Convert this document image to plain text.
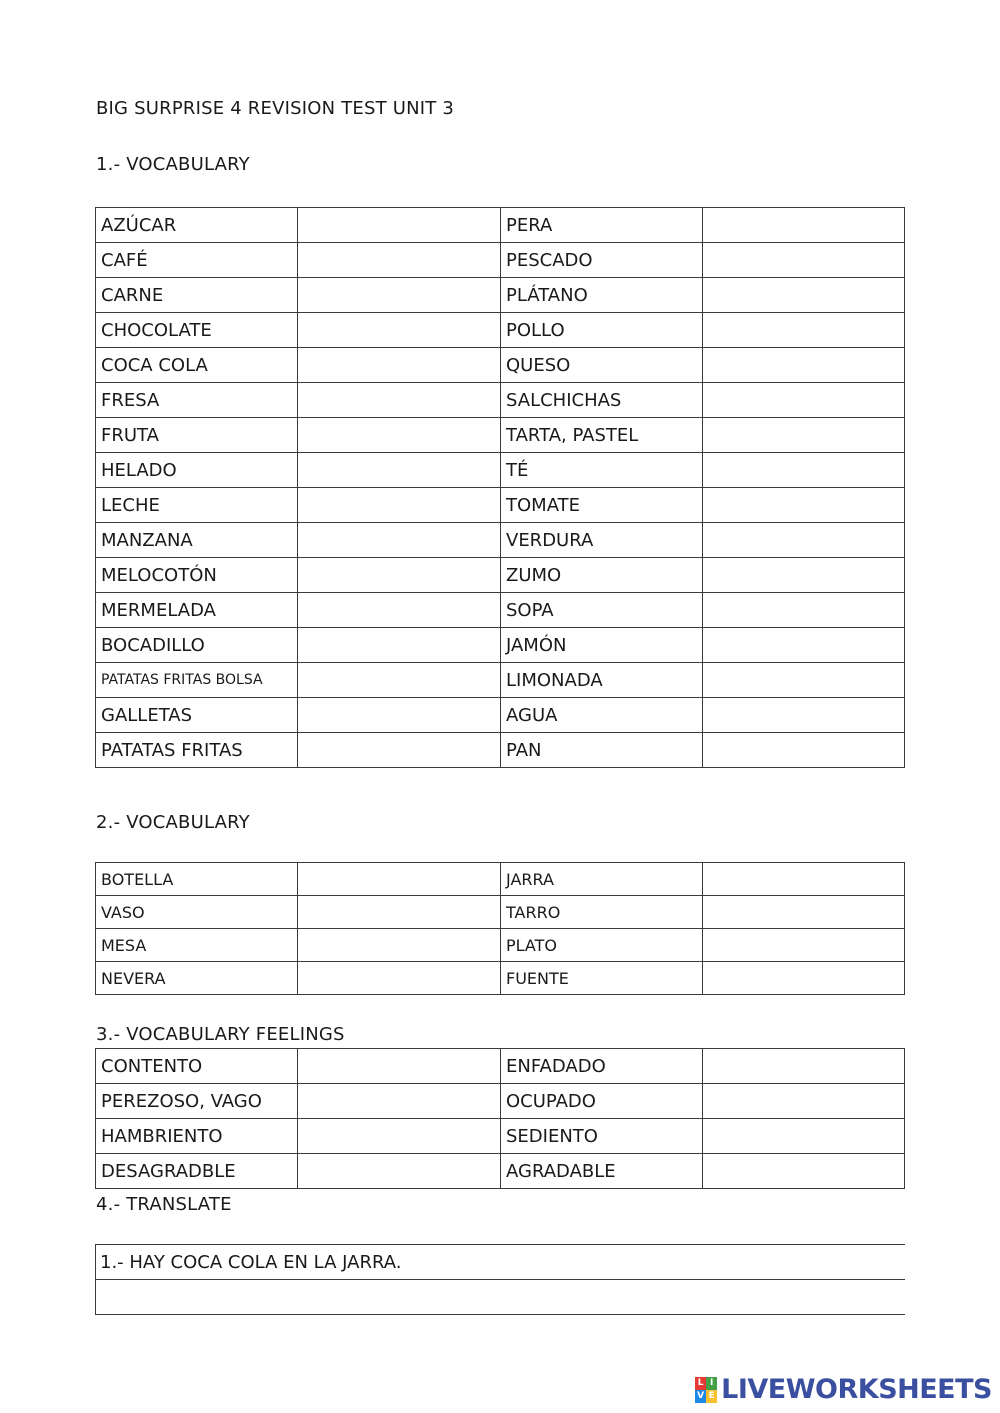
BIG SURPRISE 4 REVISION TEST UNIT 3
1.- VOCABULARY
AZÚCAR		PERA	
CAFÉ		PESCADO	
CARNE		PLÁTANO	
CHOCOLATE		POLLO	
COCA COLA		QUESO	
FRESA		SALCHICHAS	
FRUTA		TARTA, PASTEL	
HELADO		TÉ	
LECHE		TOMATE	
MANZANA		VERDURA	
MELOCOTÓN		ZUMO	
MERMELADA		SOPA	
BOCADILLO		JAMÓN	
PATATAS FRITAS BOLSA		LIMONADA	
GALLETAS		AGUA	
PATATAS FRITAS		PAN	
2.- VOCABULARY
BOTELLA		JARRA	
VASO		TARRO	
MESA		PLATO	
NEVERA		FUENTE	
3.- VOCABULARY FEELINGS
CONTENTO		ENFADADO	
PEREZOSO, VAGO		OCUPADO	
HAMBRIENTO		SEDIENTO	
DESAGRADBLE		AGRADABLE	
4.- TRANSLATE
1.- HAY COCA COLA EN LA JARRA.
L I
V E LIVEWORKSHEETS
